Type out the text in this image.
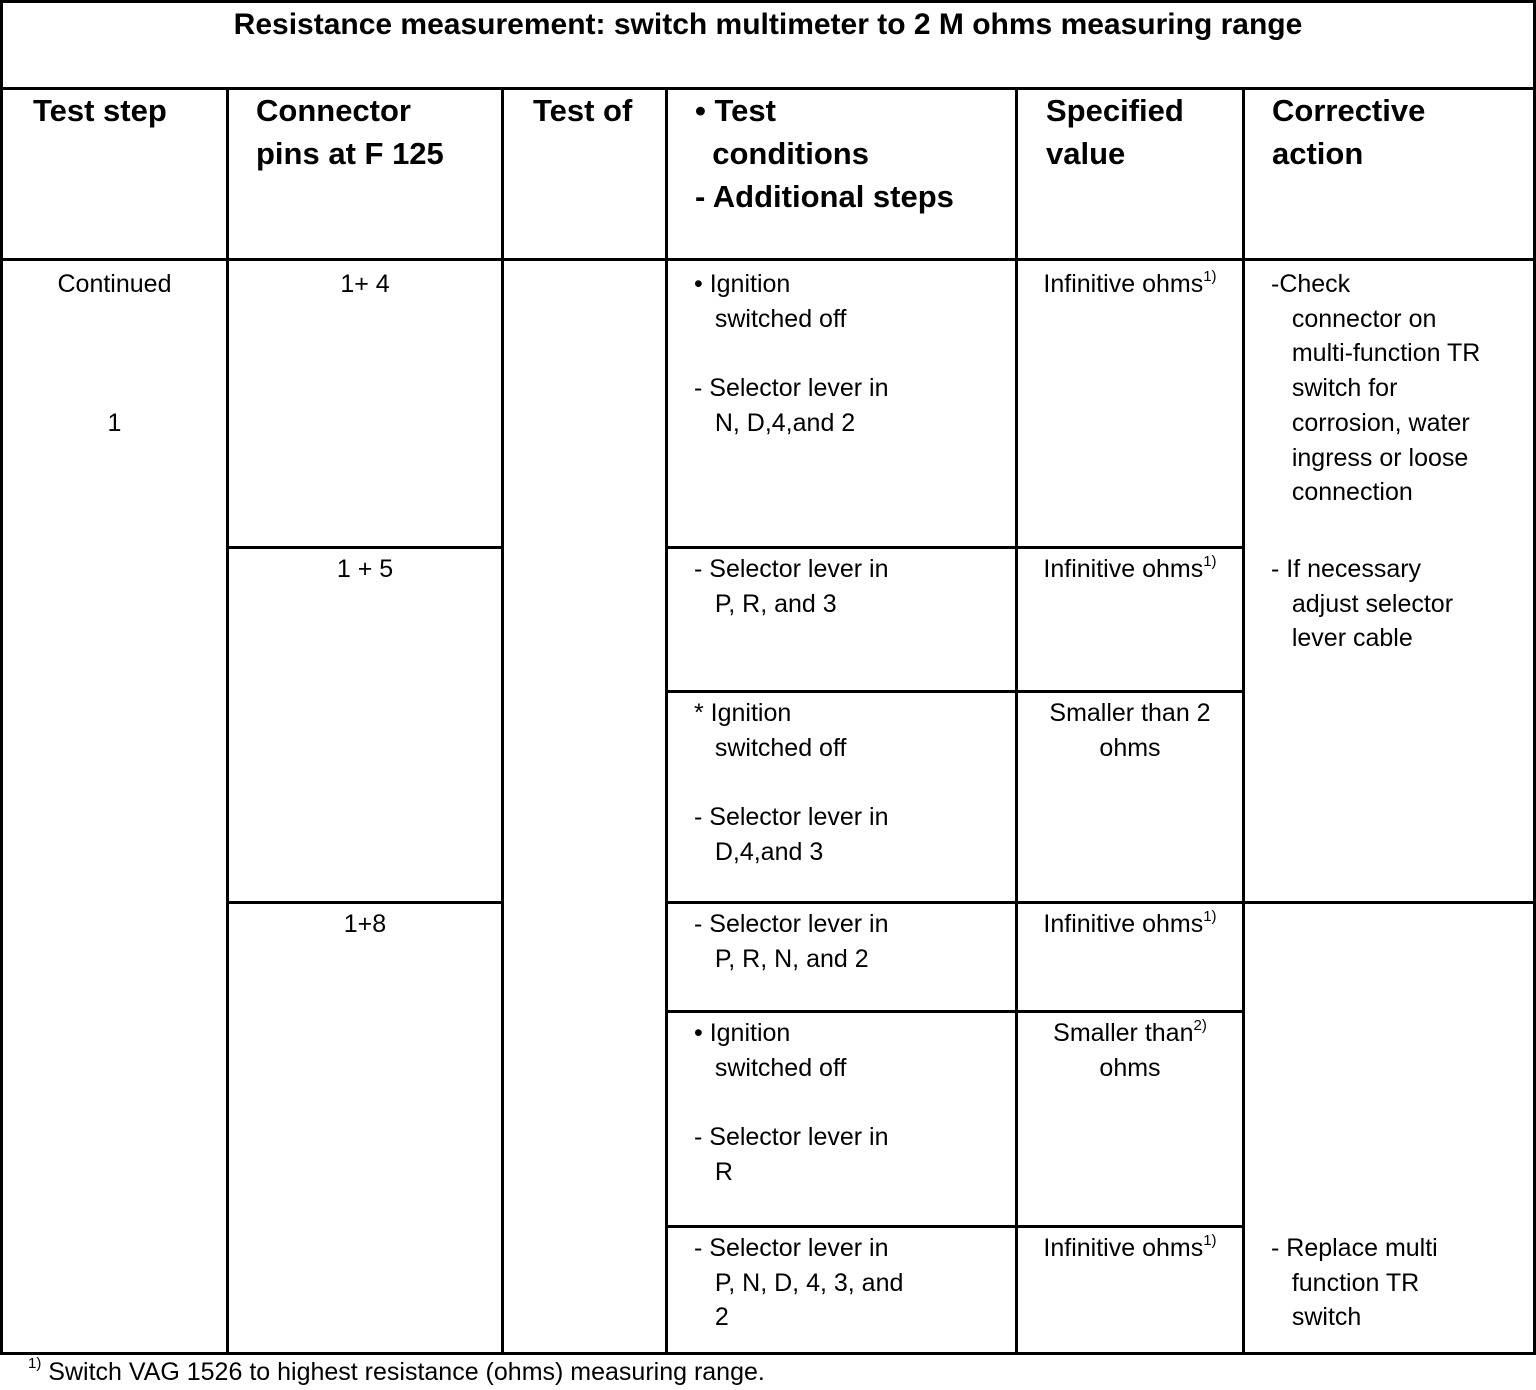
Resistance measurement: switch multimeter to 2 M ohms measuring range
Test step	Connector
pins at F 125
Test of • Test
conditions
- Additional steps
Specified
value
Corrective
action
Continued
1
1+ 4
1 + 5
1+8
• Ignition
switched off

- Selector lever in
N, D,4,and 2
- Selector lever in
P, R, and 3
* Ignition
switched off

- Selector lever in
D,4,and 3
- Selector lever in
P, R, N, and 2
• Ignition
switched off

- Selector lever in
R
- Selector lever in
P, N, D, 4, 3, and
2
Infinitive ohms$^{1)}$
Infinitive ohms$^{1)}$
Smaller than 2
ohms
Infinitive ohms$^{1)}$
Smaller than$^{2)}$
ohms
Infinitive ohms$^{1)}$
-Check
connector on
multi-function TR
switch for
corrosion, water
ingress or loose
connection
- If necessary
adjust selector
lever cable
- Replace multi
function TR
switch
$^{1)}$ Switch VAG 1526 to highest resistance (ohms) measuring range.
